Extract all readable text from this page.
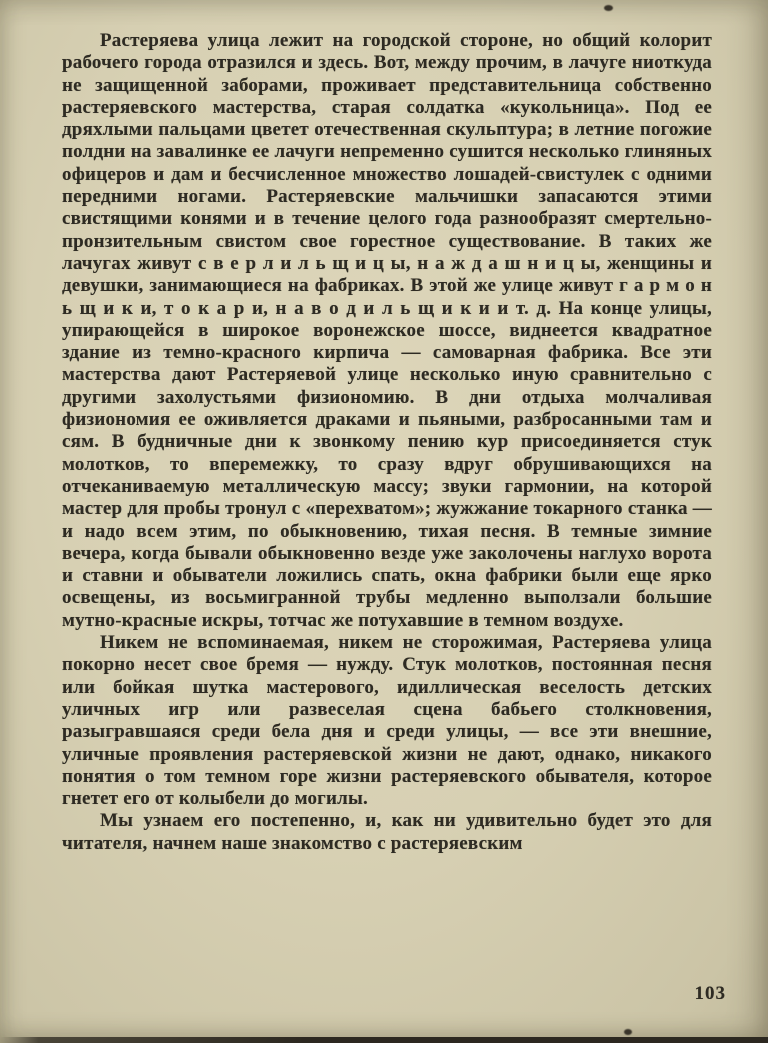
Растеряева улица лежит на городской стороне, но общий колорит рабочего города отразился и здесь. Вот, между прочим, в лачуге ниоткуда не защищенной заборами, проживает представительница собственно растеряевского мастерства, старая солдатка «кукольница». Под ее дряхлыми пальцами цветет отечественная скульптура; в летние погожие полдни на завалинке ее лачуги непременно сушится несколько глиняных офицеров и дам и бесчисленное множество лошадей-свистулек с одними передними ногами. Растеряевские мальчишки запасаются этими свистящими конями и в течение целого года разнообразят смертельно-пронзительным свистом свое горестное существование. В таких же лачугах живут с в е р л и л ь щ и ц ы, н а ж д а ш н и ц ы, женщины и девушки, занимающиеся на фабриках. В этой же улице живут г а р м о н ь щ и к и, т о к а р и, н а в о д и л ь щ и к и и т. д. На конце улицы, упирающейся в широкое воронежское шоссе, виднеется квадратное здание из темно-красного кирпича — самоварная фабрика. Все эти мастерства дают Растеряевой улице несколько иную сравнительно с другими захолустьями физиономию. В дни отдыха молчаливая физиономия ее оживляется драками и пьяными, разбросанными там и сям. В будничные дни к звонкому пению кур присоединяется стук молотков, то вперемежку, то сразу вдруг обрушивающихся на отчеканиваемую металлическую массу; звуки гармонии, на которой мастер для пробы тронул с «перехватом»; жужжание токарного станка — и надо всем этим, по обыкновению, тихая песня. В темные зимние вечера, когда бывали обыкновенно везде уже заколочены наглухо ворота и ставни и обыватели ложились спать, окна фабрики были еще ярко освещены, из восьмигранной трубы медленно выползали большие мутно-красные искры, тотчас же потухавшие в темном воздухе.

Никем не вспоминаемая, никем не сторожимая, Растеряева улица покорно несет свое бремя — нужду. Стук молотков, постоянная песня или бойкая шутка мастерового, идиллическая веселость детских уличных игр или развеселая сцена бабьего столкновения, разыгравшаяся среди бела дня и среди улицы, — все эти внешние, уличные проявления растеряевской жизни не дают, однако, никакого понятия о том темном горе жизни растеряевского обывателя, которое гнетет его от колыбели до могилы.

Мы узнаем его постепенно, и, как ни удивительно будет это для читателя, начнем наше знакомство с растеряевским

103
